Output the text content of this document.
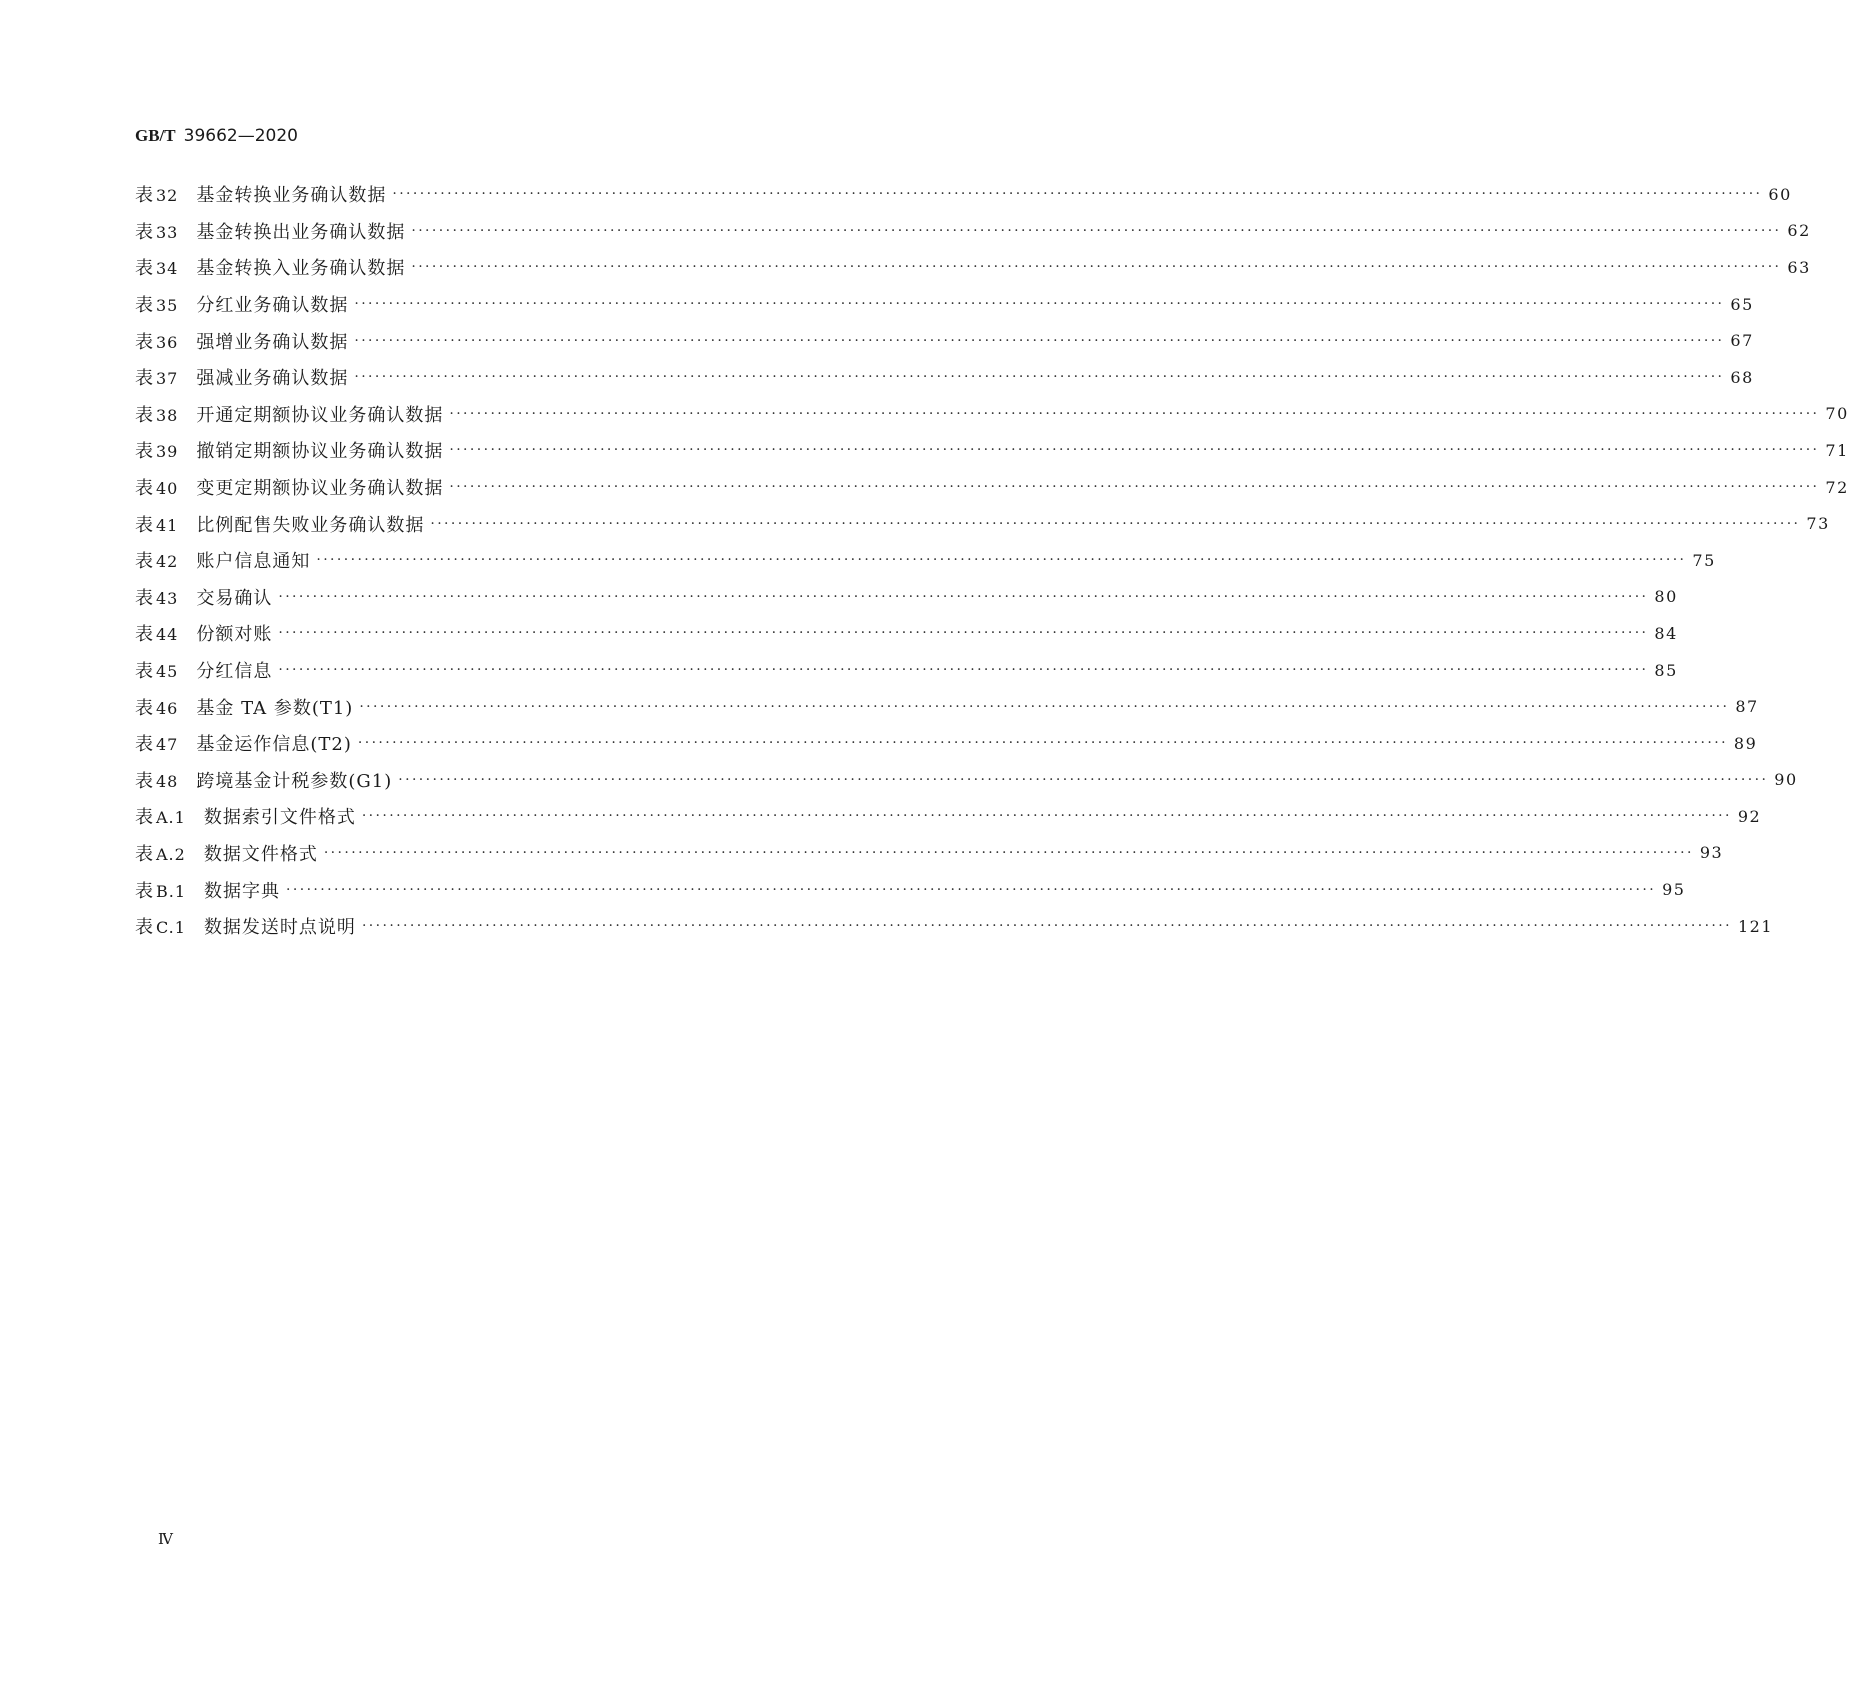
GB/T 39662—2020
表 32 基金转换业务确认数据 ········································································································································································································ 60
表 33 基金转换出业务确认数据 ········································································································································································································ 62
表 34 基金转换入业务确认数据 ········································································································································································································ 63
表 35 分红业务确认数据 ········································································································································································································ 65
表 36 强增业务确认数据 ········································································································································································································ 67
表 37 强减业务确认数据 ········································································································································································································ 68
表 38 开通定期额协议业务确认数据 ········································································································································································································ 70
表 39 撤销定期额协议业务确认数据 ········································································································································································································ 71
表 40 变更定期额协议业务确认数据 ········································································································································································································ 72
表 41 比例配售失败业务确认数据 ········································································································································································································ 73
表 42 账户信息通知 ········································································································································································································ 75
表 43 交易确认 ········································································································································································································ 80
表 44 份额对账 ········································································································································································································ 84
表 45 分红信息 ········································································································································································································ 85
表 46 基金 TA 参数(T1) ········································································································································································································ 87
表 47 基金运作信息(T2) ········································································································································································································ 89
表 48 跨境基金计税参数(G1) ········································································································································································································ 90
表 A.1 数据索引文件格式 ········································································································································································································ 92
表 A.2 数据文件格式 ········································································································································································································ 93
表 B.1 数据字典 ········································································································································································································ 95
表 C.1 数据发送时点说明 ········································································································································································································ 121
Ⅳ
